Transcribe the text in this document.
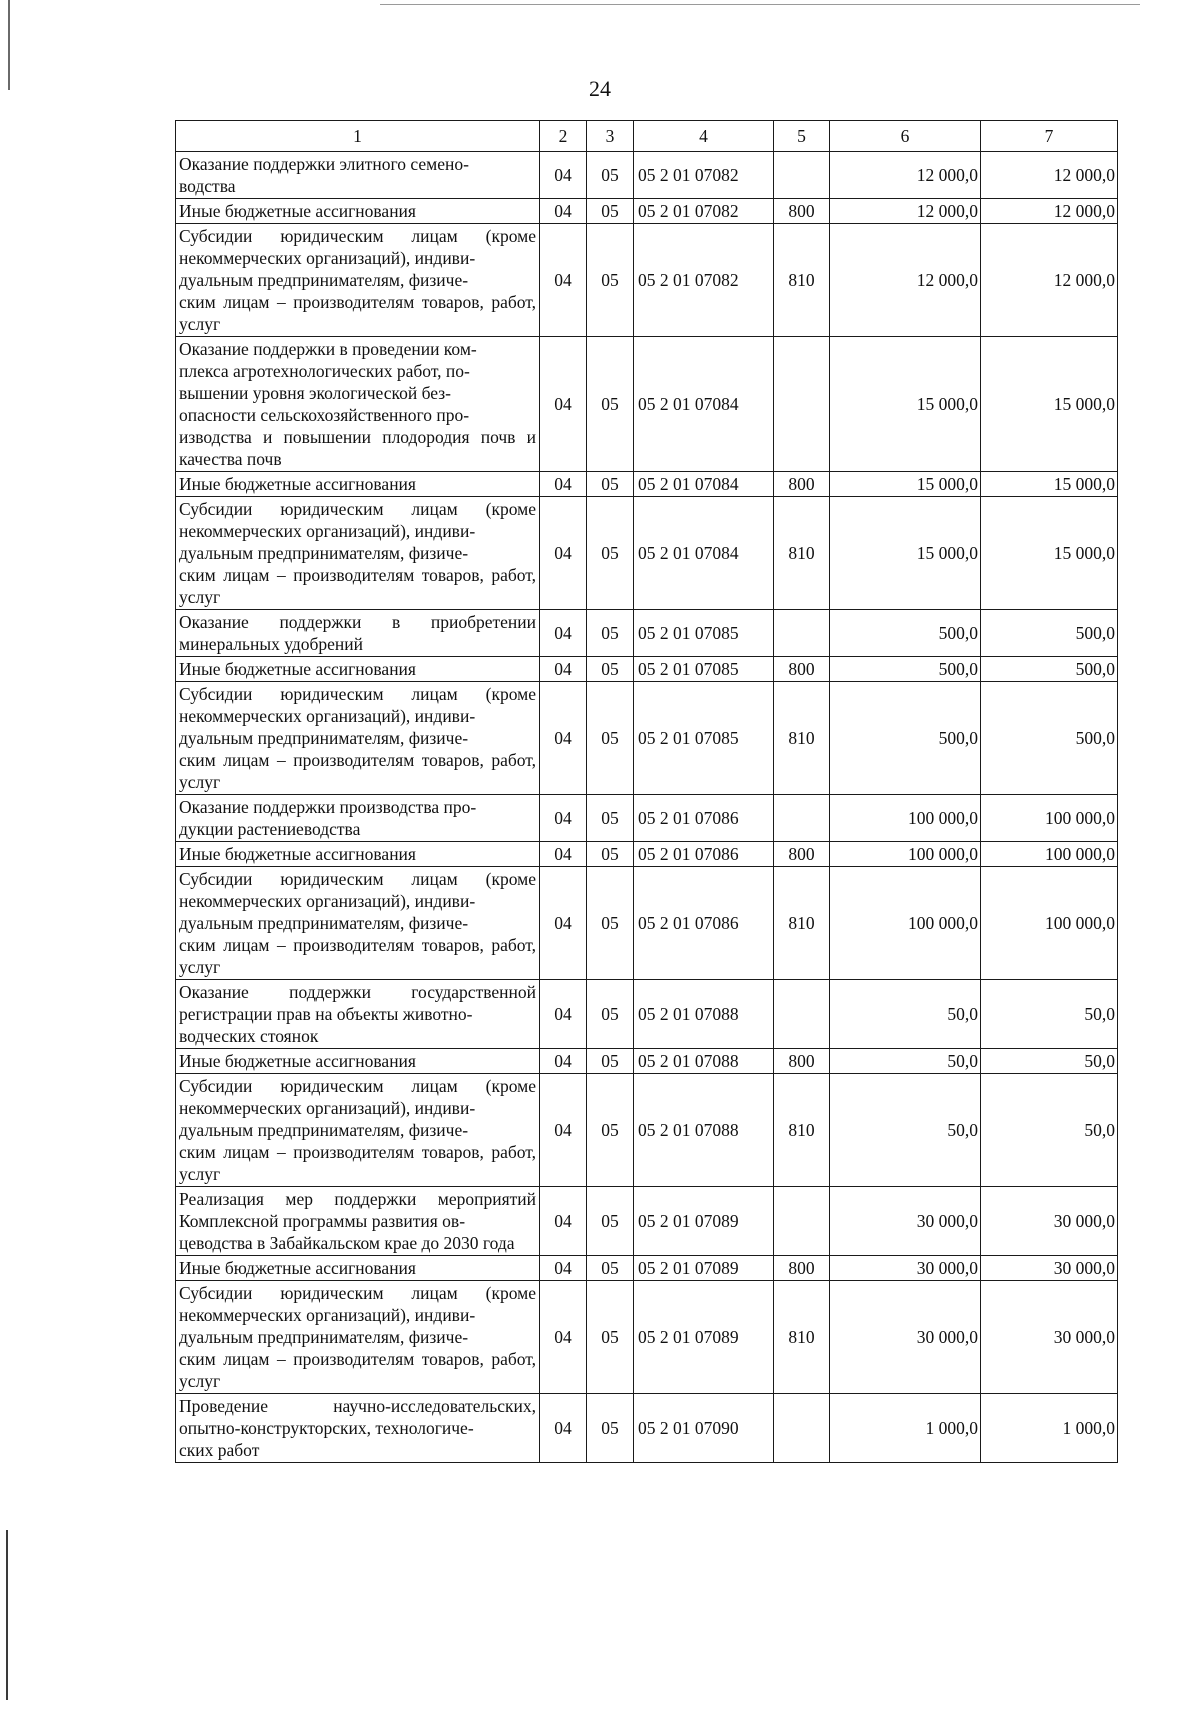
24
1	2	3	4	5	6	7
Оказание поддержки элитного семено-
водства	04	05	05 2 01 07082		12 000,0	12 000,0
Иные бюджетные ассигнования	04	05	05 2 01 07082	800	12 000,0	12 000,0
Субсидии юридическим лицам (кроме некоммерческих организаций), индиви-
дуальным предпринимателям, физиче-
ским лицам – производителям товаров, работ, услуг	04	05	05 2 01 07082	810	12 000,0	12 000,0
Оказание поддержки в проведении ком-
плекса агротехнологических работ, по-
вышении уровня экологической без-
опасности сельскохозяйственного про-
изводства и повышении плодородия почв и качества почв	04	05	05 2 01 07084		15 000,0	15 000,0
Иные бюджетные ассигнования	04	05	05 2 01 07084	800	15 000,0	15 000,0
Субсидии юридическим лицам (кроме некоммерческих организаций), индиви-
дуальным предпринимателям, физиче-
ским лицам – производителям товаров, работ, услуг	04	05	05 2 01 07084	810	15 000,0	15 000,0
Оказание поддержки в приобретении минеральных удобрений	04	05	05 2 01 07085		500,0	500,0
Иные бюджетные ассигнования	04	05	05 2 01 07085	800	500,0	500,0
Субсидии юридическим лицам (кроме некоммерческих организаций), индиви-
дуальным предпринимателям, физиче-
ским лицам – производителям товаров, работ, услуг	04	05	05 2 01 07085	810	500,0	500,0
Оказание поддержки производства про-
дукции растениеводства	04	05	05 2 01 07086		100 000,0	100 000,0
Иные бюджетные ассигнования	04	05	05 2 01 07086	800	100 000,0	100 000,0
Субсидии юридическим лицам (кроме некоммерческих организаций), индиви-
дуальным предпринимателям, физиче-
ским лицам – производителям товаров, работ, услуг	04	05	05 2 01 07086	810	100 000,0	100 000,0
Оказание поддержки государственной регистрации прав на объекты животно-
водческих стоянок	04	05	05 2 01 07088		50,0	50,0
Иные бюджетные ассигнования	04	05	05 2 01 07088	800	50,0	50,0
Субсидии юридическим лицам (кроме некоммерческих организаций), индиви-
дуальным предпринимателям, физиче-
ским лицам – производителям товаров, работ, услуг	04	05	05 2 01 07088	810	50,0	50,0
Реализация мер поддержки мероприятий Комплексной программы развития ов-
цеводства в Забайкальском крае до 2030 года	04	05	05 2 01 07089		30 000,0	30 000,0
Иные бюджетные ассигнования	04	05	05 2 01 07089	800	30 000,0	30 000,0
Субсидии юридическим лицам (кроме некоммерческих организаций), индиви-
дуальным предпринимателям, физиче-
ским лицам – производителям товаров, работ, услуг	04	05	05 2 01 07089	810	30 000,0	30 000,0
Проведение научно-исследовательских, опытно-конструкторских, технологиче-
ских работ	04	05	05 2 01 07090		1 000,0	1 000,0
